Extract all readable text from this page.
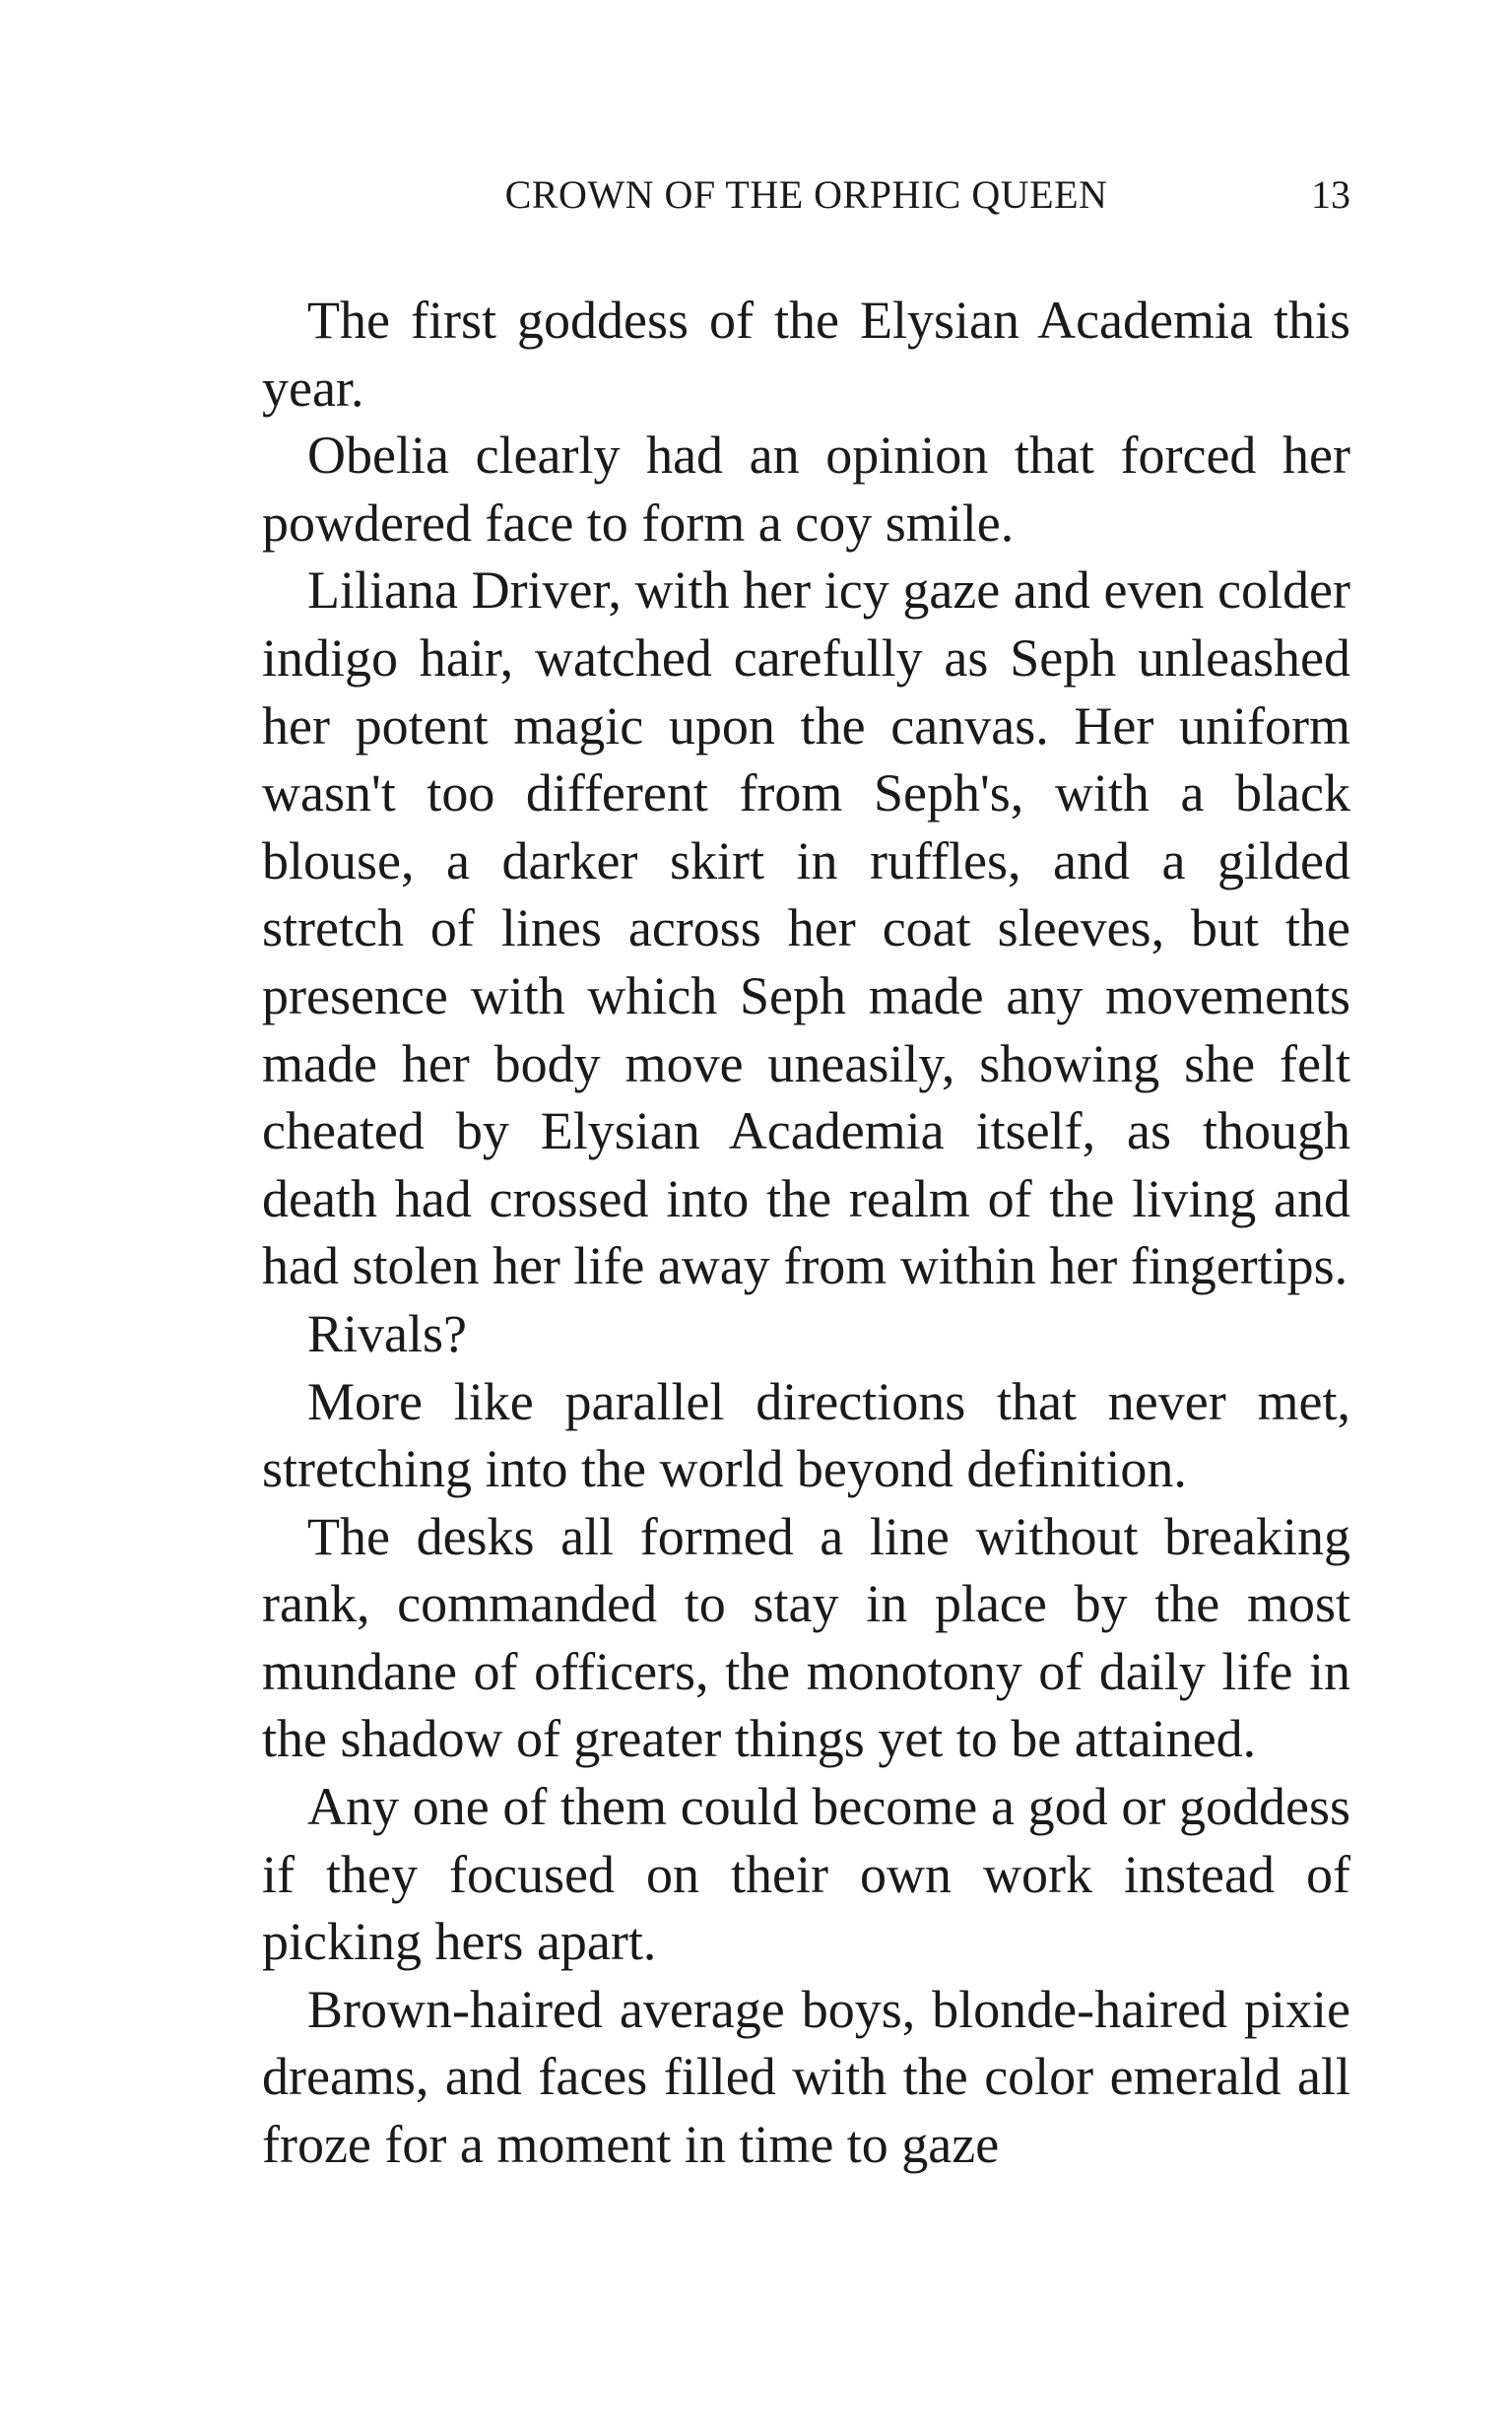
CROWN OF THE ORPHIC QUEEN	13

The first goddess of the Elysian Academia this year.

Obelia clearly had an opinion that forced her powdered face to form a coy smile.

Liliana Driver, with her icy gaze and even colder indigo hair, watched carefully as Seph unleashed her potent magic upon the canvas. Her uniform wasn't too different from Seph's, with a black blouse, a darker skirt in ruffles, and a gilded stretch of lines across her coat sleeves, but the presence with which Seph made any movements made her body move uneasily, showing she felt cheated by Elysian Academia itself, as though death had crossed into the realm of the living and had stolen her life away from within her fingertips.

Rivals?

More like parallel directions that never met, stretching into the world beyond definition.

The desks all formed a line without breaking rank, commanded to stay in place by the most mundane of officers, the monotony of daily life in the shadow of greater things yet to be attained.

Any one of them could become a god or goddess if they focused on their own work instead of picking hers apart.

Brown-haired average boys, blonde-haired pixie dreams, and faces filled with the color emerald all froze for a moment in time to gaze
